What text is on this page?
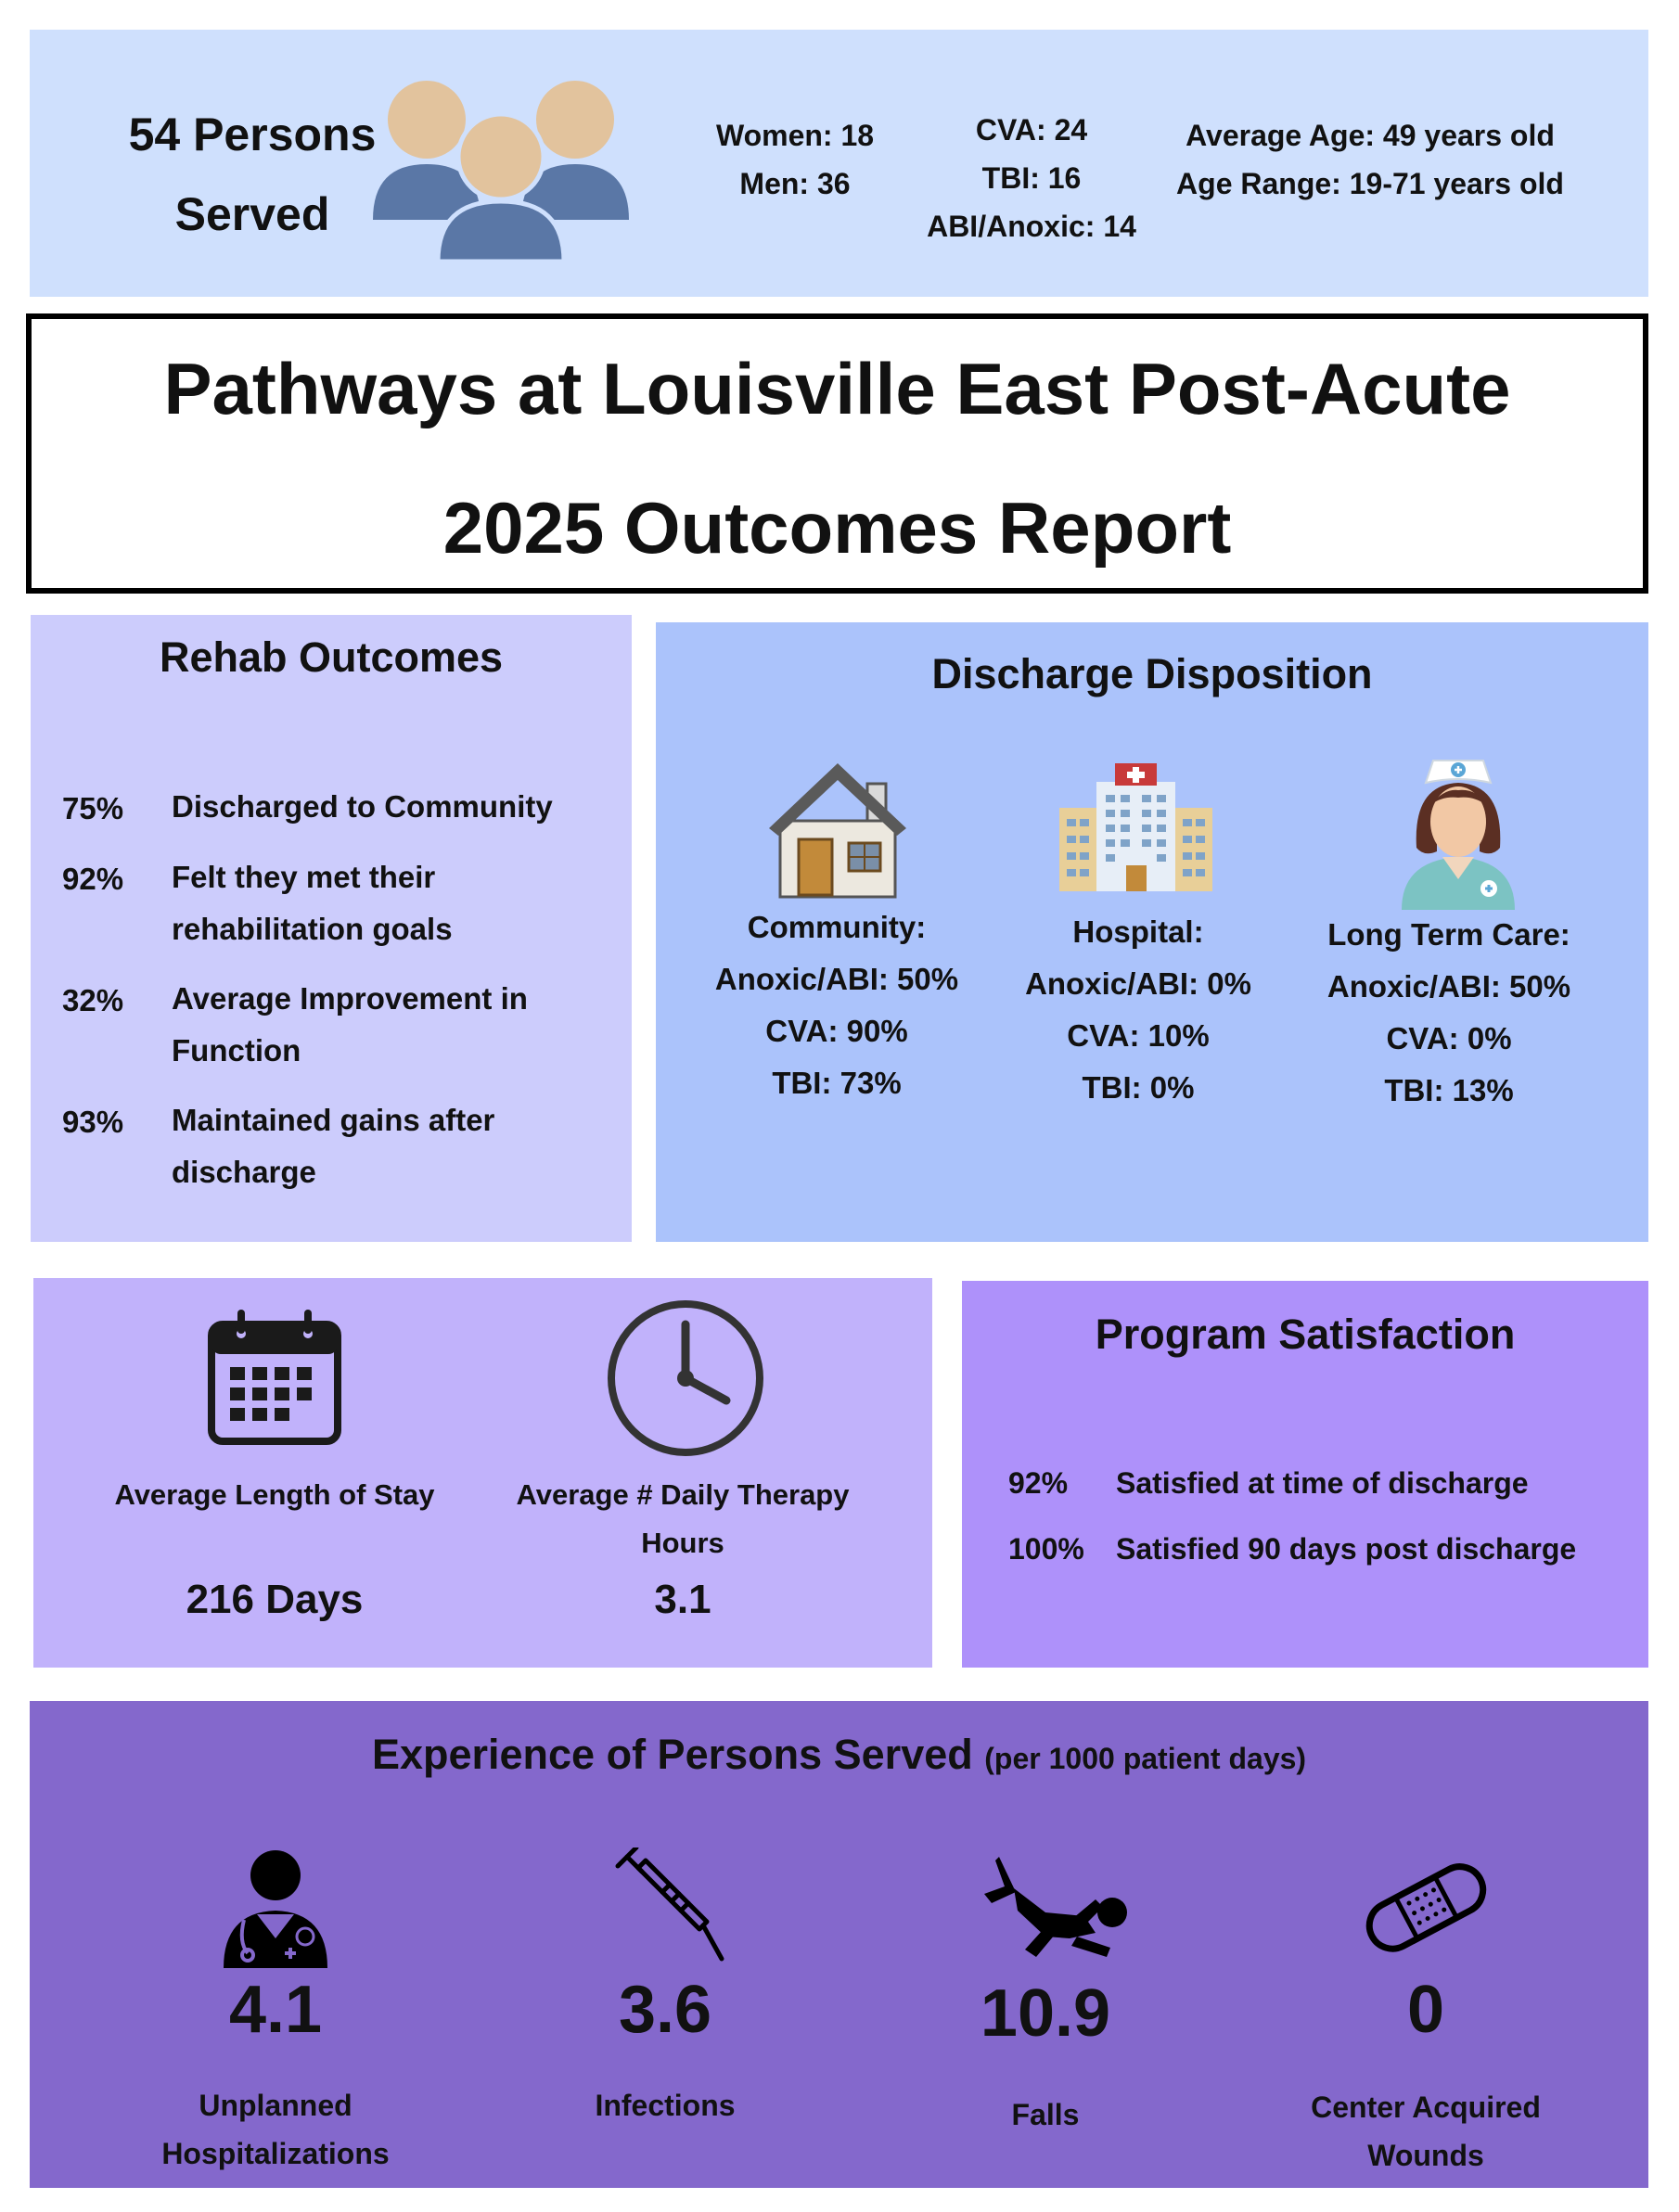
54 Persons
Served
Women: 18
Men: 36
CVA: 24
TBI: 16
ABI/Anoxic: 14
Average Age: 49 years old
Age Range: 19-71 years old
Pathways at Louisville East Post-Acute
2025 Outcomes Report
Rehab Outcomes
75% Discharged to Community
92% Felt they met their rehabilitation goals
32% Average Improvement in Function
93% Maintained gains after discharge
Discharge Disposition
Community:
Anoxic/ABI: 50%
CVA: 90%
TBI: 73%
Hospital:
Anoxic/ABI: 0%
CVA: 10%
TBI: 0%
Long Term Care:
Anoxic/ABI: 50%
CVA: 0%
TBI: 13%
Average Length of Stay
216 Days
Average # Daily Therapy Hours
3.1
Program Satisfaction
92% Satisfied at time of discharge
100% Satisfied 90 days post discharge
Experience of Persons Served (per 1000 patient days)
4.1
Unplanned Hospitalizations
3.6
Infections
10.9
Falls
0
Center Acquired Wounds
